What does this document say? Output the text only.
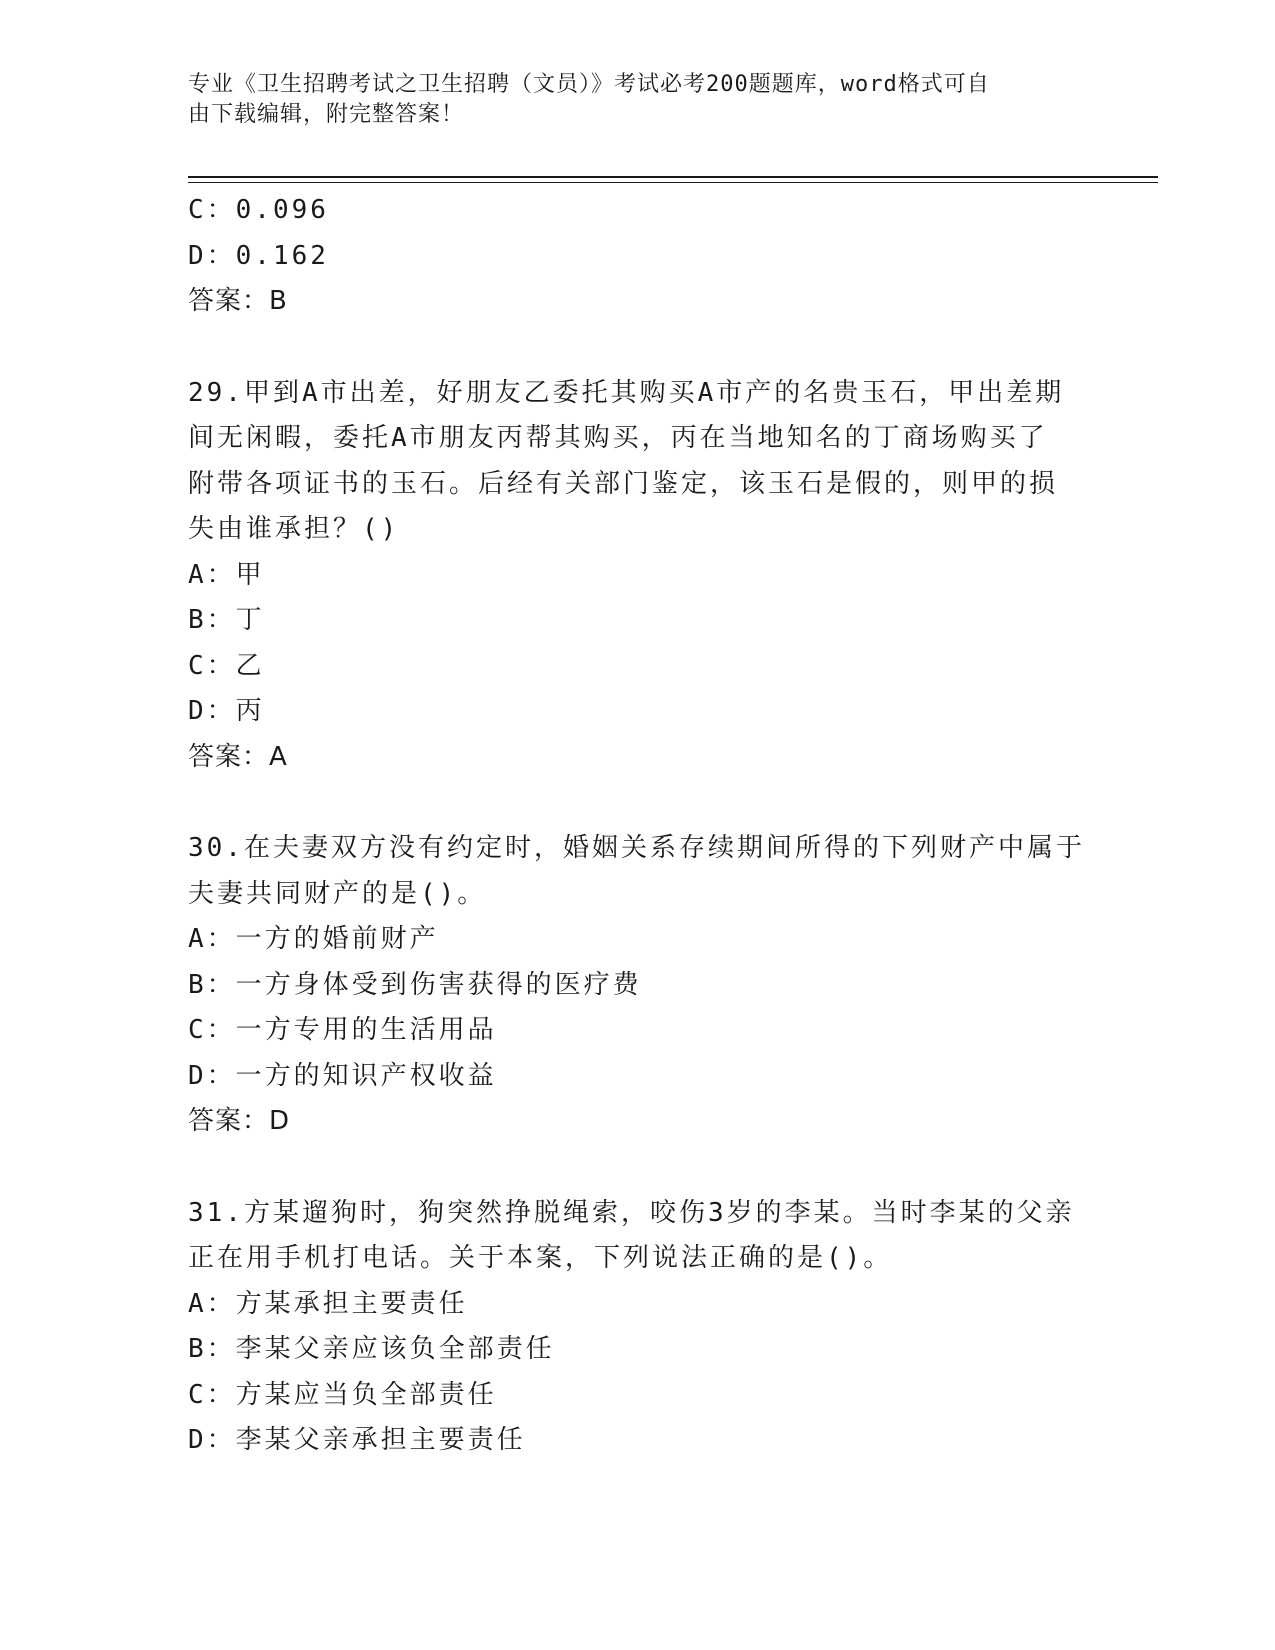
专业《卫生招聘考试之卫生招聘（文员）》考试必考200题题库，word格式可自
由下载编辑，附完整答案！
C：0.096
D：0.162
答案：B
29.甲到A市出差，好朋友乙委托其购买A市产的名贵玉石，甲出差期
间无闲暇，委托A市朋友丙帮其购买，丙在当地知名的丁商场购买了
附带各项证书的玉石。后经有关部门鉴定，该玉石是假的，则甲的损
失由谁承担？()
A：甲
B：丁
C：乙
D：丙
答案：A
30.在夫妻双方没有约定时，婚姻关系存续期间所得的下列财产中属于
夫妻共同财产的是()。
A：一方的婚前财产
B：一方身体受到伤害获得的医疗费
C：一方专用的生活用品
D：一方的知识产权收益
答案：D
31.方某遛狗时，狗突然挣脱绳索，咬伤3岁的李某。当时李某的父亲
正在用手机打电话。关于本案，下列说法正确的是()。
A：方某承担主要责任
B：李某父亲应该负全部责任
C：方某应当负全部责任
D：李某父亲承担主要责任
